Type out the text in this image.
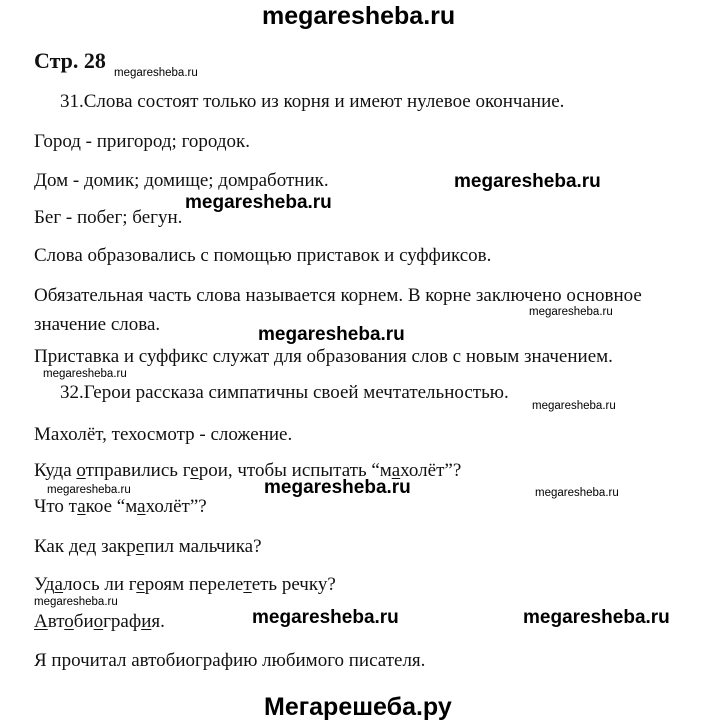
megaresheba.ru
Стр. 28
31.Слова состоят только из корня и имеют нулевое окончание.
Город - пригород; городок.
Дом - домик; домище; домработник.
Бег - побег; бегун.
Слова образовались с помощью приставок и суффиксов.
Обязательная часть слова называется корнем. В корне заключено основное значение слова.
Приставка и суффикс служат для образования слов с новым значением.
32.Герои рассказа симпатичны своей мечтательностью.
Махолёт, техосмотр - сложение.
Куда отправились герои, чтобы испытать “махолёт”?
Что такое “махолёт”?
Как дед закрепил мальчика?
Удалось ли героям перелететь речку?
Автобиография.
Я прочитал автобиографию любимого писателя.
megaresheba.ru
megaresheba.ru
megaresheba.ru
megaresheba.ru
megaresheba.ru	megaresheba.ru
megaresheba.ru
megaresheba.ru
megaresheba.ru
megaresheba.ru
megaresheba.ru	megaresheba.ru
megaresheba.ru
Мегарешеба.ру
